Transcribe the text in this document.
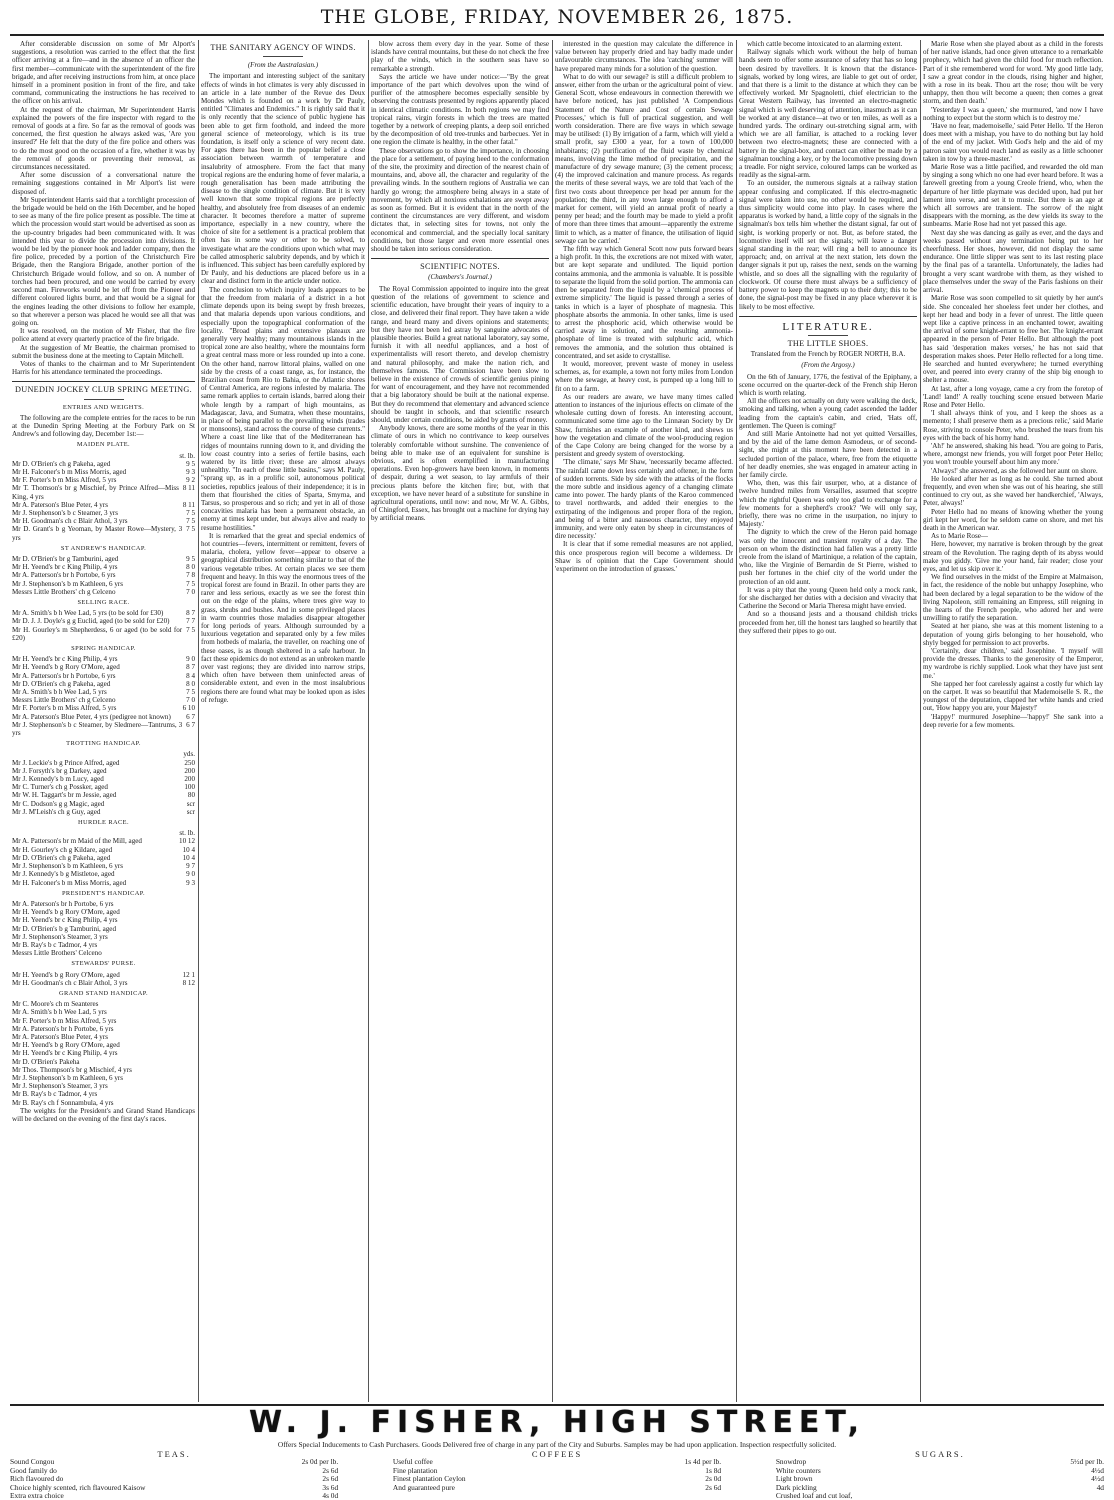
THE GLOBE, FRIDAY, NOVEMBER 26, 1875.

After considerable discussion on some of Mr Alport's suggestions, a resolution was carried to the effect that the first officer arriving at a fire—and in the absence of an officer the first member—communicate with the superintendent of the fire brigade, and after receiving instructions from him, at once place himself in a prominent position in front of the fire, and take command, communicating the instructions he has received to the officer on his arrival.

At the request of the chairman, Mr Superintendent Harris explained the powers of the fire inspector with regard to the removal of goods at a fire. So far as the removal of goods was concerned, the first question he always asked was, 'Are you insured?' He felt that the duty of the fire police and others was to do the most good on the occasion of a fire, whether it was by the removal of goods or preventing their removal, as circumstances necessitated.

After some discussion of a conversational nature the remaining suggestions contained in Mr Alport's list were disposed of.

Mr Superintendent Harris said that a torchlight procession of the brigade would be held on the 16th December, and he hoped to see as many of the fire police present as possible. The time at which the procession would start would be advertised as soon as the up-country brigades had been communicated with. It was intended this year to divide the procession into divisions. It would be led by the pioneer hook and ladder company, then the fire police, preceded by a portion of the Christchurch Fire Brigade, then the Rangiora Brigade, another portion of the Christchurch Brigade would follow, and so on. A number of torches had been procured, and one would be carried by every second man. Fireworks would be let off from the Pioneer and different coloured lights burnt, and that would be a signal for the engines leading the other divisions to follow her example, so that wherever a person was placed he would see all that was going on.

It was resolved, on the motion of Mr Fisher, that the fire police attend at every quarterly practice of the fire brigade.

At the suggestion of Mr Beattie, the chairman promised to submit the business done at the meeting to Captain Mitchell.

Votes of thanks to the chairman and to Mr Superintendent Harris for his attendance terminated the proceedings.

DUNEDIN JOCKEY CLUB SPRING MEETING.
ENTRIES AND WEIGHTS.

The following are the complete entries for the races to be run at the Dunedin Spring Meeting at the Forbury Park on St Andrew's and following day, December 1st:—

MAIDEN PLATE.
st. lb.
Mr D. O'Brien's ch g Pakeha, aged	9 5
Mr H. Falconer's b m Miss Morris, aged	9 3
Mr F. Porter's b m Miss Alfred, 5 yrs	9 2
Mr T. Thomson's br g Mischief, by Prince Alfred—Miss King, 4 yrs
8 11
Mr A. Paterson's Blue Peter, 4 yrs	8 11
Mr J. Stephenson's b c Steamer, 3 yrs	7 5
Mr H. Goodman's ch c Blair Athol, 3 yrs	7 5
Mr D. Grant's b g Yeoman, by Master Rowe—Mystery, 3 yrs
7 5
ST ANDREW'S HANDICAP.
Mr D. O'Brien's br g Tamburini, aged	9 5
Mr H. Yeend's br c King Philip, 4 yrs	8 0
Mr A. Patterson's br h Portobe, 6 yrs	7 8
Mr J. Stephenson's b m Kathleen, 6 yrs	7 5
Messrs Little Brothers' ch g Celceno	7 0
SELLING RACE.
Mr A. Smith's b h Wee Lad, 5 yrs (to be sold for £30)	8 7
Mr D. J. J. Doyle's g g Euclid, aged (to be sold for £20)	7 7
Mr H. Gourley's m Shepherdess, 6 or aged (to be sold for £20)
7 5
SPRING HANDICAP.
Mr H. Yeend's br c King Philip, 4 yrs	9 0
Mr H. Yeend's b g Rory O'More, aged	8 7
Mr A. Patterson's br h Portobe, 6 yrs	8 4
Mr D. O'Brien's ch g Pakeha, aged	8 0
Mr A. Smith's b h Wee Lad, 5 yrs	7 5
Messrs Little Brothers' ch g Celceno	7 0
Mr F. Porter's b m Miss Alfred, 5 yrs	6 10
Mr A. Paterson's Blue Peter, 4 yrs (pedigree not known)	6 7
Mr J. Stephenson's b c Steamer, by Sledmere—Tantrums, 3 yrs
6 7
TROTTING HANDICAP.
yds.
Mr J. Leckie's b g Prince Alfred, aged	250
Mr J. Forsyth's br g Darkey, aged	200
Mr J. Kennedy's b m Lucy, aged	200
Mr C. Turner's ch g Possker, aged	100
Mr W. H. Taggart's br m Jessie, aged	80
Mr C. Dodson's g g Magic, aged	scr
Mr J. M'Leish's ch g Guy, aged	scr
HURDLE RACE.
st. lb.
Mr A. Patterson's br m Maid of the Mill, aged	10 12
Mr H. Gourley's ch g Kildare, aged	10 4
Mr D. O'Brien's ch g Pakeha, aged	10 4
Mr J. Stephenson's b m Kathleen, 6 yrs	9 7
Mr J. Kennedy's b g Mistletoe, aged	9 0
Mr H. Falconer's b m Miss Morris, aged	9 3
PRESIDENT'S HANDICAP.
Mr A. Paterson's br h Portobe, 6 yrs
Mr H. Yeend's b g Rory O'More, aged
Mr H. Yeend's br c King Philip, 4 yrs
Mr D. O'Brien's b g Tamburini, aged
Mr J. Stephenson's Steamer, 3 yrs
Mr B. Ray's b c Tadmor, 4 yrs
Messrs Little Brothers' Celceno
STEWARDS' PURSE.
Mr H. Yeend's b g Rory O'More, aged	12 1
Mr H. Goodman's ch c Blair Athol, 3 yrs	8 12
GRAND STAND HANDICAP.
Mr C. Moore's ch m Seanteres
Mr A. Smith's b h Wee Lad, 5 yrs
Mr F. Porter's b m Miss Alfred, 5 yrs
Mr A. Paterson's br h Portobe, 6 yrs
Mr A. Paterson's Blue Peter, 4 yrs
Mr H. Yeend's b g Rory O'More, aged
Mr H. Yeend's br c King Philip, 4 yrs
Mr D. O'Brien's Pakeha
Mr Thos. Thompson's br g Mischief, 4 yrs
Mr J. Stephenson's b m Kathleen, 6 yrs
Mr J. Stephenson's Steamer, 3 yrs
Mr B. Ray's b c Tadmor, 4 yrs
Mr B. Ray's ch f Sonnambula, 4 yrs

The weights for the President's and Grand Stand Handicaps will be declared on the evening of the first day's races.

THE SANITARY AGENCY OF WINDS.
(From the Australasian.)

The important and interesting subject of the sanitary effects of winds in hot climates is very ably discussed in an article in a late number of the Revue des Deux Mondes which is founded on a work by Dr Pauly, entitled "Climates and Endemics." It is rightly said that it is only recently that the science of public hygiene has been able to get firm foothold, and indeed the more general science of meteorology, which is its true foundation, is itself only a science of very recent date. For ages there has been in the popular belief a close association between warmth of temperature and insalubrity of atmosphere. From the fact that many tropical regions are the enduring home of fever malaria, a rough generalisation has been made attributing the disease to the single condition of climate. But it is very well known that some tropical regions are perfectly healthy, and absolutely free from diseases of an endemic character. It becomes therefore a matter of supreme importance, especially in a new country, where the choice of site for a settlement is a practical problem that often has in some way or other to be solved, to investigate what are the conditions upon which what may be called atmospheric salubrity depends, and by which it is influenced. This subject has been carefully explored by Dr Pauly, and his deductions are placed before us in a clear and distinct form in the article under notice.

The conclusion to which inquiry leads appears to be that the freedom from malaria of a district in a hot climate depends upon its being swept by fresh breezes, and that malaria depends upon various conditions, and especially upon the topographical conformation of the locality. "Broad plains and extensive plateaux are generally very healthy; many mountainous islands in the tropical zone are also healthy, where the mountains form a great central mass more or less rounded up into a cone. On the other hand, narrow littoral plains, walled on one side by the crests of a coast range, as, for instance, the Brazilian coast from Rio to Bahia, or the Atlantic shores of Central America, are regions infested by malaria. The same remark applies to certain islands, barred along their whole length by a rampart of high mountains, as Madagascar, Java, and Sumatra, when these mountains, in place of being parallel to the prevailing winds (trades or monsoons), stand across the course of these currents." Where a coast line like that of the Mediterranean has ridges of mountains running down to it, and dividing the low coast country into a series of fertile basins, each watered by its little river; these are almost always unhealthy. "In each of these little basins," says M. Pauly, "sprang up, as in a prolific soil, autonomous political societies, republics jealous of their independence; it is in them that flourished the cities of Sparta, Smyrna, and Tarsus, so prosperous and so rich; and yet in all of those concavities malaria has been a permanent obstacle, an enemy at times kept under, but always alive and ready to resume hostilities."

It is remarked that the great and special endemics of hot countries—fevers, intermittent or remittent, fevers of malaria, cholera, yellow fever—appear to observe a geographical distribution something similar to that of the various vegetable tribes. At certain places we see them frequent and heavy. In this way the enormous trees of the tropical forest are found in Brazil. In other parts they are rarer and less serious, exactly as we see the forest thin out on the edge of the plains, where trees give way to grass, shrubs and bushes. And in some privileged places in warm countries those maladies disappear altogether for long periods of years. Although surrounded by a luxurious vegetation and separated only by a few miles from hotbeds of malaria, the traveller, on reaching one of these oases, is as though sheltered in a safe harbour. In fact these epidemics do not extend as an unbroken mantle over vast regions; they are divided into narrow strips, which often have between them uninfected areas of considerable extent, and even in the most insalubrious regions there are found what may be looked upon as isles of refuge.

blow across them every day in the year. Some of these islands have central mountains, but these do not check the free play of the winds, which in the southern seas have so remarkable a strength.

Says the article we have under notice:—"By the great importance of the part which devolves upon the wind of purifier of the atmosphere becomes especially sensible by observing the contrasts presented by regions apparently placed in identical climatic conditions. In both regions we may find tropical rains, virgin forests in which the trees are matted together by a network of creeping plants, a deep soil enriched by the decomposition of old tree-trunks and barbecues. Yet in one region the climate is healthy, in the other fatal."

These observations go to show the importance, in choosing the place for a settlement, of paying heed to the conformation of the site, the proximity and direction of the nearest chain of mountains, and, above all, the character and regularity of the prevailing winds. In the southern regions of Australia we can hardly go wrong; the atmosphere being always in a state of movement, by which all noxious exhalations are swept away as soon as formed. But it is evident that in the north of the continent the circumstances are very different, and wisdom dictates that, in selecting sites for towns, not only the economical and commercial, and the specially local sanitary conditions, but those larger and even more essential ones should be taken into serious consideration.

SCIENTIFIC NOTES.
(Chambers's Journal.)

The Royal Commission appointed to inquire into the great question of the relations of government to science and scientific education, have brought their years of inquiry to a close, and delivered their final report. They have taken a wide range, and heard many and divers opinions and statements; but they have not been led astray by sanguine advocates of plausible theories. Build a great national laboratory, say some, furnish it with all needful appliances, and a host of experimentalists will resort thereto, and develop chemistry and natural philosophy, and make the nation rich, and themselves famous. The Commission have been slow to believe in the existence of crowds of scientific genius pining for want of encouragement, and they have not recommended that a big laboratory should be built at the national expense. But they do recommend that elementary and advanced science should be taught in schools, and that scientific research should, under certain conditions, be aided by grants of money.

Anybody knows, there are some months of the year in this climate of ours in which no contrivance to keep ourselves tolerably comfortable without sunshine. The convenience of being able to make use of an equivalent for sunshine is obvious, and is often exemplified in manufacturing operations. Even hop-growers have been known, in moments of despair, during a wet season, to lay armfuls of their precious plants before the kitchen fire; but, with that exception, we have never heard of a substitute for sunshine in agricultural operations, until now: and now, Mr W. A. Gibbs, of Chingford, Essex, has brought out a machine for drying hay by artificial means.

interested in the question may calculate the difference in value between hay properly dried and hay badly made under unfavourable circumstances. The idea 'catching' summer will have prepared many minds for a solution of the question.

What to do with our sewage? is still a difficult problem to answer, either from the urban or the agricultural point of view. General Scott, whose endeavours in connection therewith we have before noticed, has just published 'A Compendious Statement of the Nature and Cost of certain Sewage Processes,' which is full of practical suggestion, and well worth consideration. There are five ways in which sewage may be utilised: (1) By irrigation of a farm, which will yield a small profit, say £300 a year, for a town of 100,000 inhabitants; (2) purification of the fluid waste by chemical means, involving the lime method of precipitation, and the manufacture of dry sewage manure; (3) the cement process; (4) the improved calcination and manure process. As regards the merits of these several ways, we are told that 'each of the first two costs about threepence per head per annum for the population; the third, in any town large enough to afford a market for cement, will yield an annual profit of nearly a penny per head; and the fourth may be made to yield a profit of more than three times that amount—apparently the extreme limit to which, as a matter of finance, the utilisation of liquid sewage can be carried.'

The fifth way which General Scott now puts forward bears a high profit. In this, the excretions are not mixed with water, but are kept separate and undiluted. The liquid portion contains ammonia, and the ammonia is valuable. It is possible to separate the liquid from the solid portion. The ammonia can then be separated from the liquid by a 'chemical process of extreme simplicity.' The liquid is passed through a series of tanks in which is a layer of phosphate of magnesia. This phosphate absorbs the ammonia. In other tanks, lime is used to arrest the phosphoric acid, which otherwise would be carried away in solution, and the resulting ammonia-phosphate of lime is treated with sulphuric acid, which removes the ammonia, and the solution thus obtained is concentrated, and set aside to crystallise.

It would, moreover, prevent waste of money in useless schemes, as, for example, a town not forty miles from London where the sewage, at heavy cost, is pumped up a long hill to fit on to a farm.

As our readers are aware, we have many times called attention to instances of the injurious effects on climate of the wholesale cutting down of forests. An interesting account, communicated some time ago to the Linnæan Society by Dr Shaw, furnishes an example of another kind, and shews us how the vegetation and climate of the wool-producing region of the Cape Colony are being changed for the worse by a persistent and greedy system of overstocking.

'The climate,' says Mr Shaw, 'necessarily became affected. The rainfall came down less certainly and oftener, in the form of sudden torrents. Side by side with the attacks of the flocks the more subtle and insidious agency of a changing climate came into power. The hardy plants of the Karoo commenced to travel northwards, and added their energies to the extirpating of the indigenous and proper flora of the region, and being of a bitter and nauseous character, they enjoyed immunity, and were only eaten by sheep in circumstances of dire necessity.'

It is clear that if some remedial measures are not applied, this once prosperous region will become a wilderness. Dr Shaw is of opinion that the Cape Government should 'experiment on the introduction of grasses.'

which cattle become intoxicated to an alarming extent.

Railway signals which work without the help of human hands seem to offer some assurance of safety that has so long been desired by travellers. It is known that the distance-signals, worked by long wires, are liable to get out of order, and that there is a limit to the distance at which they can be effectively worked. Mr Spagnoletti, chief electrician to the Great Western Railway, has invented an electro-magnetic signal which is well deserving of attention, inasmuch as it can be worked at any distance—at two or ten miles, as well as a hundred yards. The ordinary out-stretching signal arm, with which we are all familiar, is attached to a rocking lever between two electro-magnets; these are connected with a battery in the signal-box, and contact can either be made by a signalman touching a key, or by the locomotive pressing down a treadle. For night service, coloured lamps can be worked as readily as the signal-arm.

To an outsider, the numerous signals at a railway station appear confusing and complicated. If this electro-magnetic signal were taken into use, no other would be required, and thus simplicity would come into play. In cases where the apparatus is worked by hand, a little copy of the signals in the signalman's box tells him whether the distant signal, far out of sight, is working properly or not. But, as before stated, the locomotive itself will set the signals; will leave a danger signal standing in the rear; will ring a bell to announce its approach; and, on arrival at the next station, lets down the danger signals it put up, raises the next, sends on the warning whistle, and so does all the signalling with the regularity of clockwork. Of course there must always be a sufficiency of battery power to keep the magnets up to their duty; this to be done, the signal-post may be fixed in any place wherever it is likely to be most effective.

LITERATURE.
THE LITTLE SHOES.
Translated from the French by ROGER NORTH, B.A.
(From the Argosy.)

On the 6th of January, 1776, the festival of the Epiphany, a scene occurred on the quarter-deck of the French ship Heron which is worth relating.

All the officers not actually on duty were walking the deck, smoking and talking, when a young cadet ascended the ladder leading from the captain's cabin, and cried, 'Hats off, gentlemen. The Queen is coming!'

And still Marie Antoinette had not yet quitted Versailles, and by the aid of the lame demon Asmodeus, or of second-sight, she might at this moment have been detected in a secluded portion of the palace, where, free from the etiquette of her deadly enemies, she was engaged in amateur acting in her family circle.

Who, then, was this fair usurper, who, at a distance of twelve hundred miles from Versailles, assumed that sceptre which the rightful Queen was only too glad to exchange for a few moments for a shepherd's crook? 'We will only say, briefly, there was no crime in the usurpation, no injury to Majesty.'

The dignity to which the crew of the Heron paid homage was only the innocent and transient royalty of a day. The person on whom the distinction had fallen was a pretty little creole from the island of Martinique, a relation of the captain, who, like the Virginie of Bernardin de St Pierre, wished to push her fortunes in the chief city of the world under the protection of an old aunt.

It was a pity that the young Queen held only a mock rank, for she discharged her duties with a decision and vivacity that Catherine the Second or Maria Theresa might have envied.

And so a thousand jests and a thousand childish tricks proceeded from her, till the honest tars laughed so heartily that they suffered their pipes to go out.

Marie Rose when she played about as a child in the forests of her native islands, had once given utterance to a remarkable prophecy, which had given the child food for much reflection. Part of it she remembered word for word. 'My good little lady, I saw a great condor in the clouds, rising higher and higher, with a rose in its beak. Thou art the rose; thou wilt be very unhappy, then thou wilt become a queen; then comes a great storm, and then death.'

'Yesterday I was a queen,' she murmured, 'and now I have nothing to expect but the storm which is to destroy me.'

'Have no fear, mademoiselle,' said Peter Hello. 'If the Heron does meet with a mishap, you have to do nothing but lay hold of the end of my jacket. With God's help and the aid of my patron saint you would reach land as easily as a little schooner taken in tow by a three-master.'

Marie Rose was a little pacified, and rewarded the old man by singing a song which no one had ever heard before. It was a farewell greeting from a young Creole friend, who, when the departure of her little playmate was decided upon, had put her lament into verse, and set it to music. But there is an age at which all sorrows are transient. The sorrow of the night disappears with the morning, as the dew yields its sway to the sunbeams. Marie Rose had not yet passed this age.

Next day she was dancing as gaily as ever, and the days and weeks passed without any termination being put to her cheerfulness. Her shoes, however, did not display the same endurance. One little slipper was sent to its last resting place by the final pas of a tarantella. Unfortunately, the ladies had brought a very scant wardrobe with them, as they wished to place themselves under the sway of the Paris fashions on their arrival.

Marie Rose was soon compelled to sit quietly by her aunt's side. She concealed her shoeless feet under her clothes, and kept her head and body in a fever of unrest. The little queen wept like a captive princess in an enchanted tower, awaiting the arrival of some knight-errant to free her. The knight-errant appeared in the person of Peter Hello. But although the poet has said 'desperation makes verses,' he has not said that desperation makes shoes. Peter Hello reflected for a long time. He searched and hunted everywhere; he turned everything over, and peered into every cranny of the ship big enough to shelter a mouse.

At last, after a long voyage, came a cry from the foretop of 'Land! land!' A really touching scene ensued between Marie Rose and Peter Hello.

'I shall always think of you, and I keep the shoes as a memento; I shall preserve them as a precious relic,' said Marie Rose, striving to console Peter, who brushed the tears from his eyes with the back of his horny hand.

'Ah!' he answered, shaking his head. 'You are going to Paris, where, amongst new friends, you will forget poor Peter Hello; you won't trouble yourself about him any more.'

'Always!' she answered, as she followed her aunt on shore.

He looked after her as long as he could. She turned about frequently, and even when she was out of his hearing, she still continued to cry out, as she waved her handkerchief, 'Always, Peter, always!'

Peter Hello had no means of knowing whether the young girl kept her word, for he seldom came on shore, and met his death in the American war.

As to Marie Rose—

Here, however, my narrative is broken through by the great stream of the Revolution. The raging depth of its abyss would make you giddy. 'Give me your hand, fair reader; close your eyes, and let us skip over it.'

We find ourselves in the midst of the Empire at Malmaison, in fact, the residence of the noble but unhappy Josephine, who had been declared by a legal separation to be the widow of the living Napoleon, still remaining an Empress, still reigning in the hearts of the French people, who adored her and were unwilling to ratify the separation.

Seated at her piano, she was at this moment listening to a deputation of young girls belonging to her household, who shyly begged for permission to act proverbs.

'Certainly, dear children,' said Josephine. 'I myself will provide the dresses. Thanks to the generosity of the Emperor, my wardrobe is richly supplied. Look what they have just sent me.'

She tapped her foot carelessly against a costly fur which lay on the carpet. It was so beautiful that Mademoiselle S. R., the youngest of the deputation, clapped her white hands and cried out, 'How happy you are, your Majesty!'

'Happy!' murmured Josephine—'happy!' She sank into a deep reverie for a few moments.

W. J. FISHER, HIGH STREET,
Offers Special Inducements to Cash Purchasers. Goods Delivered free of charge in any part of the City and Suburbs. Samples may be had upon application. Inspection respectfully solicited.
TEAS.
Sound Congou	2s 0d per lb.
Good family do	2s 6d
Rich flavoured do	2s 6d
Choice highly scented, rich flavoured Kaisow	3s 6d
Extra extra choice	4s 0d
COFFEES
Useful coffee	1s 4d per lb.
Fine plantation	1s 8d
Finest plantation Ceylon	2s 0d
And guaranteed pure	2s 6d
SUGARS.
Snowdrop	5½d per lb.
White counters	4½d
Light brown	4½d
Dark pickling	4d
Crushed loaf and cut loaf,
